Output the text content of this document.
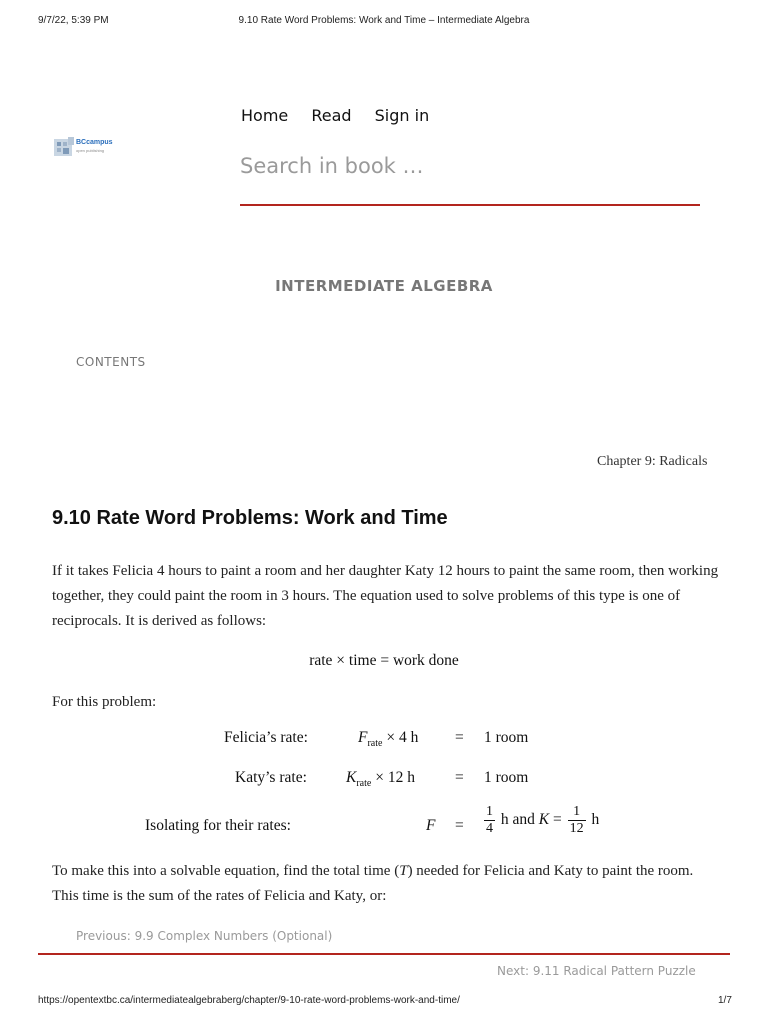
9/7/22, 5:39 PM	9.10 Rate Word Problems: Work and Time – Intermediate Algebra
BCcampus
open publishing
Home Read Sign in
Search in book …
INTERMEDIATE ALGEBRA
CONTENTS
Chapter 9: Radicals
9.10 Rate Word Problems: Work and Time
If it takes Felicia 4 hours to paint a room and her daughter Katy 12 hours to paint the same room, then working together, they could paint the room in 3 hours. The equation used to solve problems of this type is one of reciprocals. It is derived as follows:
rate × time = work done
For this problem:
Felicia’s rate:	$F_{rate} \times 4$ h = 1 room
Katy’s rate:	$K_{rate} \times 12$ h	= 1 room
Isolating for their rates:	$F = \frac{1}{4}$ h and $K = \frac{1}{12}$ h
To make this into a solvable equation, find the total time (T) needed for Felicia and Katy to paint the room. This time is the sum of the rates of Felicia and Katy, or:
Previous: 9.9 Complex Numbers (Optional)
Next: 9.11 Radical Pattern Puzzle
https://opentextbc.ca/intermediatealgebraberg/chapter/9-10-rate-word-problems-work-and-time/	1/7
